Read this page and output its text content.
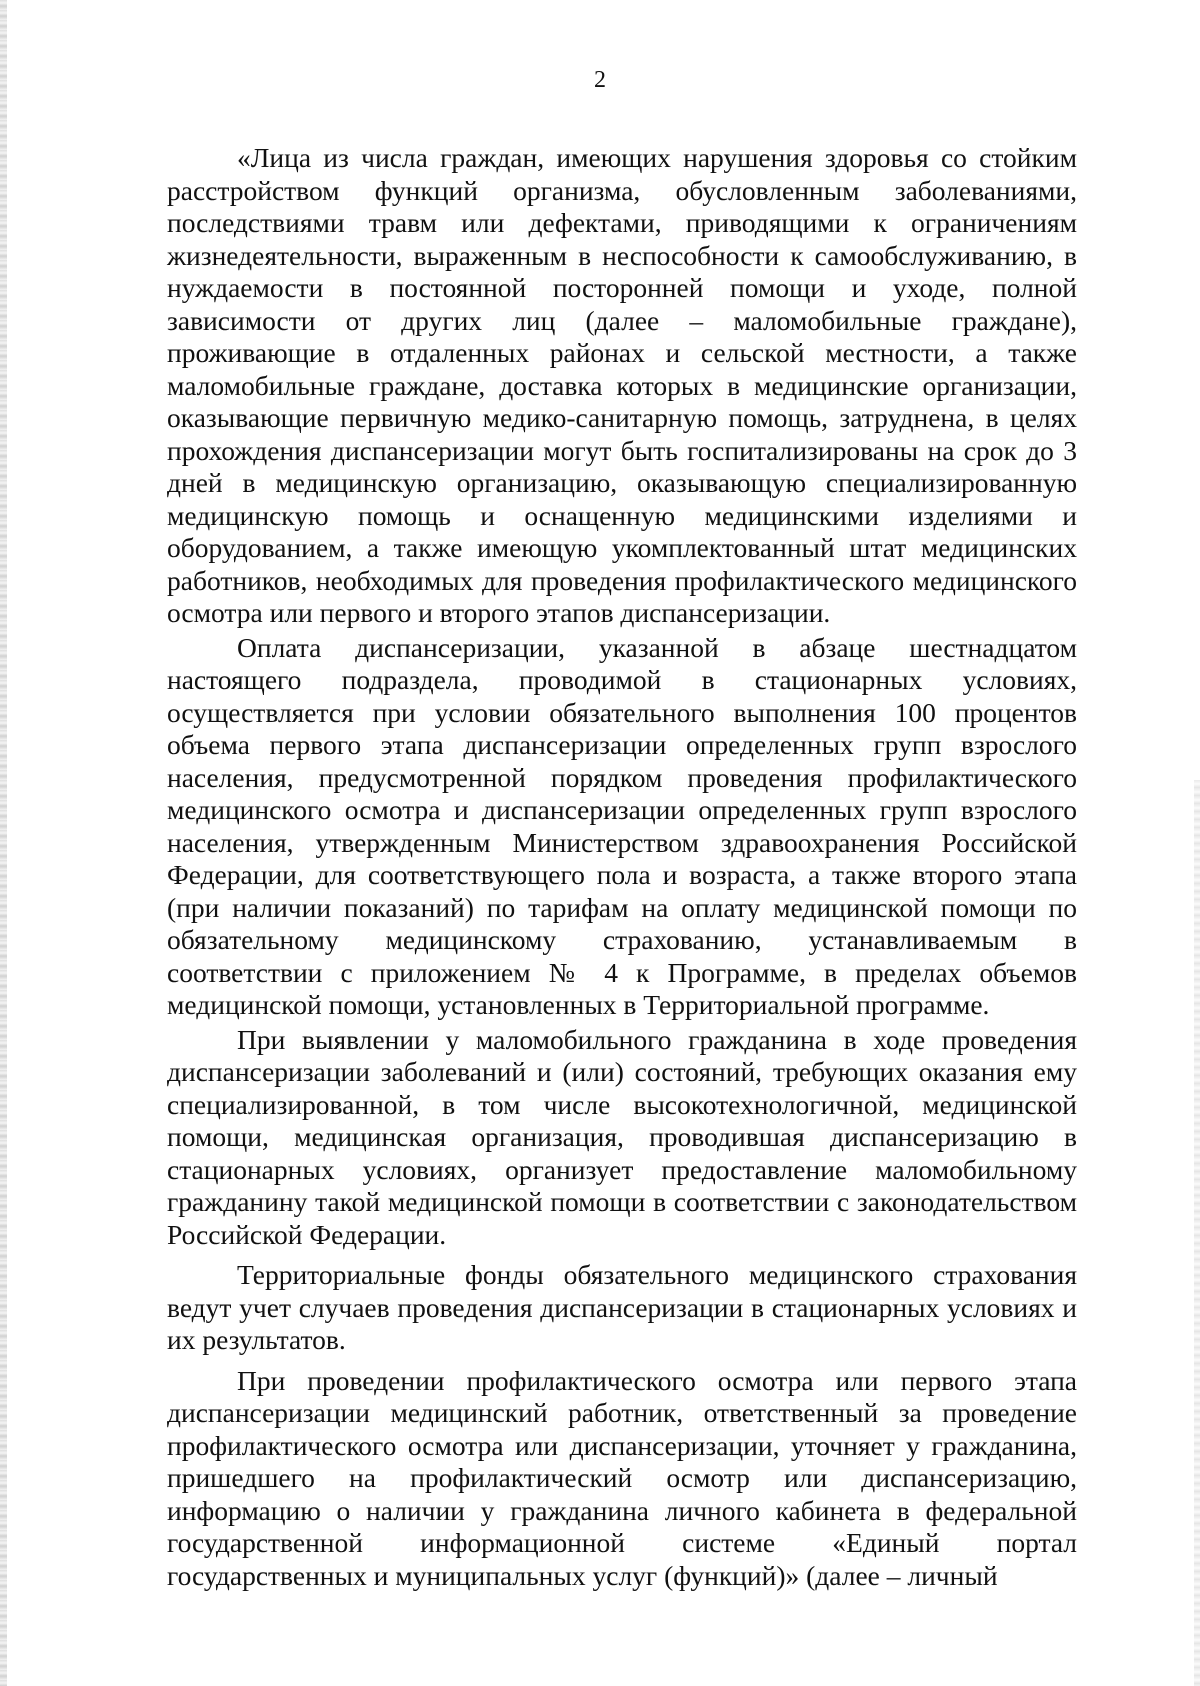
2

«Лица из числа граждан, имеющих нарушения здоровья со стойким расстройством функций организма, обусловленным заболеваниями, последствиями травм или дефектами, приводящими к ограничениям жизнедеятельности, выраженным в неспособности к самообслуживанию, в нуждаемости в постоянной посторонней помощи и уходе, полной зависимости от других лиц (далее – маломобильные граждане), проживающие в отдаленных районах и сельской местности, а также маломобильные граждане, доставка которых в медицинские организации, оказывающие первичную медико-санитарную помощь, затруднена, в целях прохождения диспансеризации могут быть госпитализированы на срок до 3 дней в медицинскую организацию, оказывающую специализированную медицинскую помощь и оснащенную медицинскими изделиями и оборудованием, а также имеющую укомплектованный штат медицинских работников, необходимых для проведения профилактического медицинского осмотра или первого и второго этапов диспансеризации.

Оплата диспансеризации, указанной в абзаце шестнадцатом настоящего подраздела, проводимой в стационарных условиях, осуществляется при условии обязательного выполнения 100 процентов объема первого этапа диспансеризации определенных групп взрослого населения, предусмотренной порядком проведения профилактического медицинского осмотра и диспансеризации определенных групп взрослого населения, утвержденным Министерством здравоохранения Российской Федерации, для соответствующего пола и возраста, а также второго этапа (при наличии показаний) по тарифам на оплату медицинской помощи по обязательному медицинскому страхованию, устанавливаемым в соответствии с приложением № 4 к Программе, в пределах объемов медицинской помощи, установленных в Территориальной программе.

При выявлении у маломобильного гражданина в ходе проведения диспансеризации заболеваний и (или) состояний, требующих оказания ему специализированной, в том числе высокотехнологичной, медицинской помощи, медицинская организация, проводившая диспансеризацию в стационарных условиях, организует предоставление маломобильному гражданину такой медицинской помощи в соответствии с законодательством Российской Федерации.

Территориальные фонды обязательного медицинского страхования ведут учет случаев проведения диспансеризации в стационарных условиях и их результатов.

При проведении профилактического осмотра или первого этапа диспансеризации медицинский работник, ответственный за проведение профилактического осмотра или диспансеризации, уточняет у гражданина, пришедшего на профилактический осмотр или диспансеризацию, информацию о наличии у гражданина личного кабинета в федеральной государственной информационной системе «Единый портал государственных и муниципальных услуг (функций)» (далее – личный
